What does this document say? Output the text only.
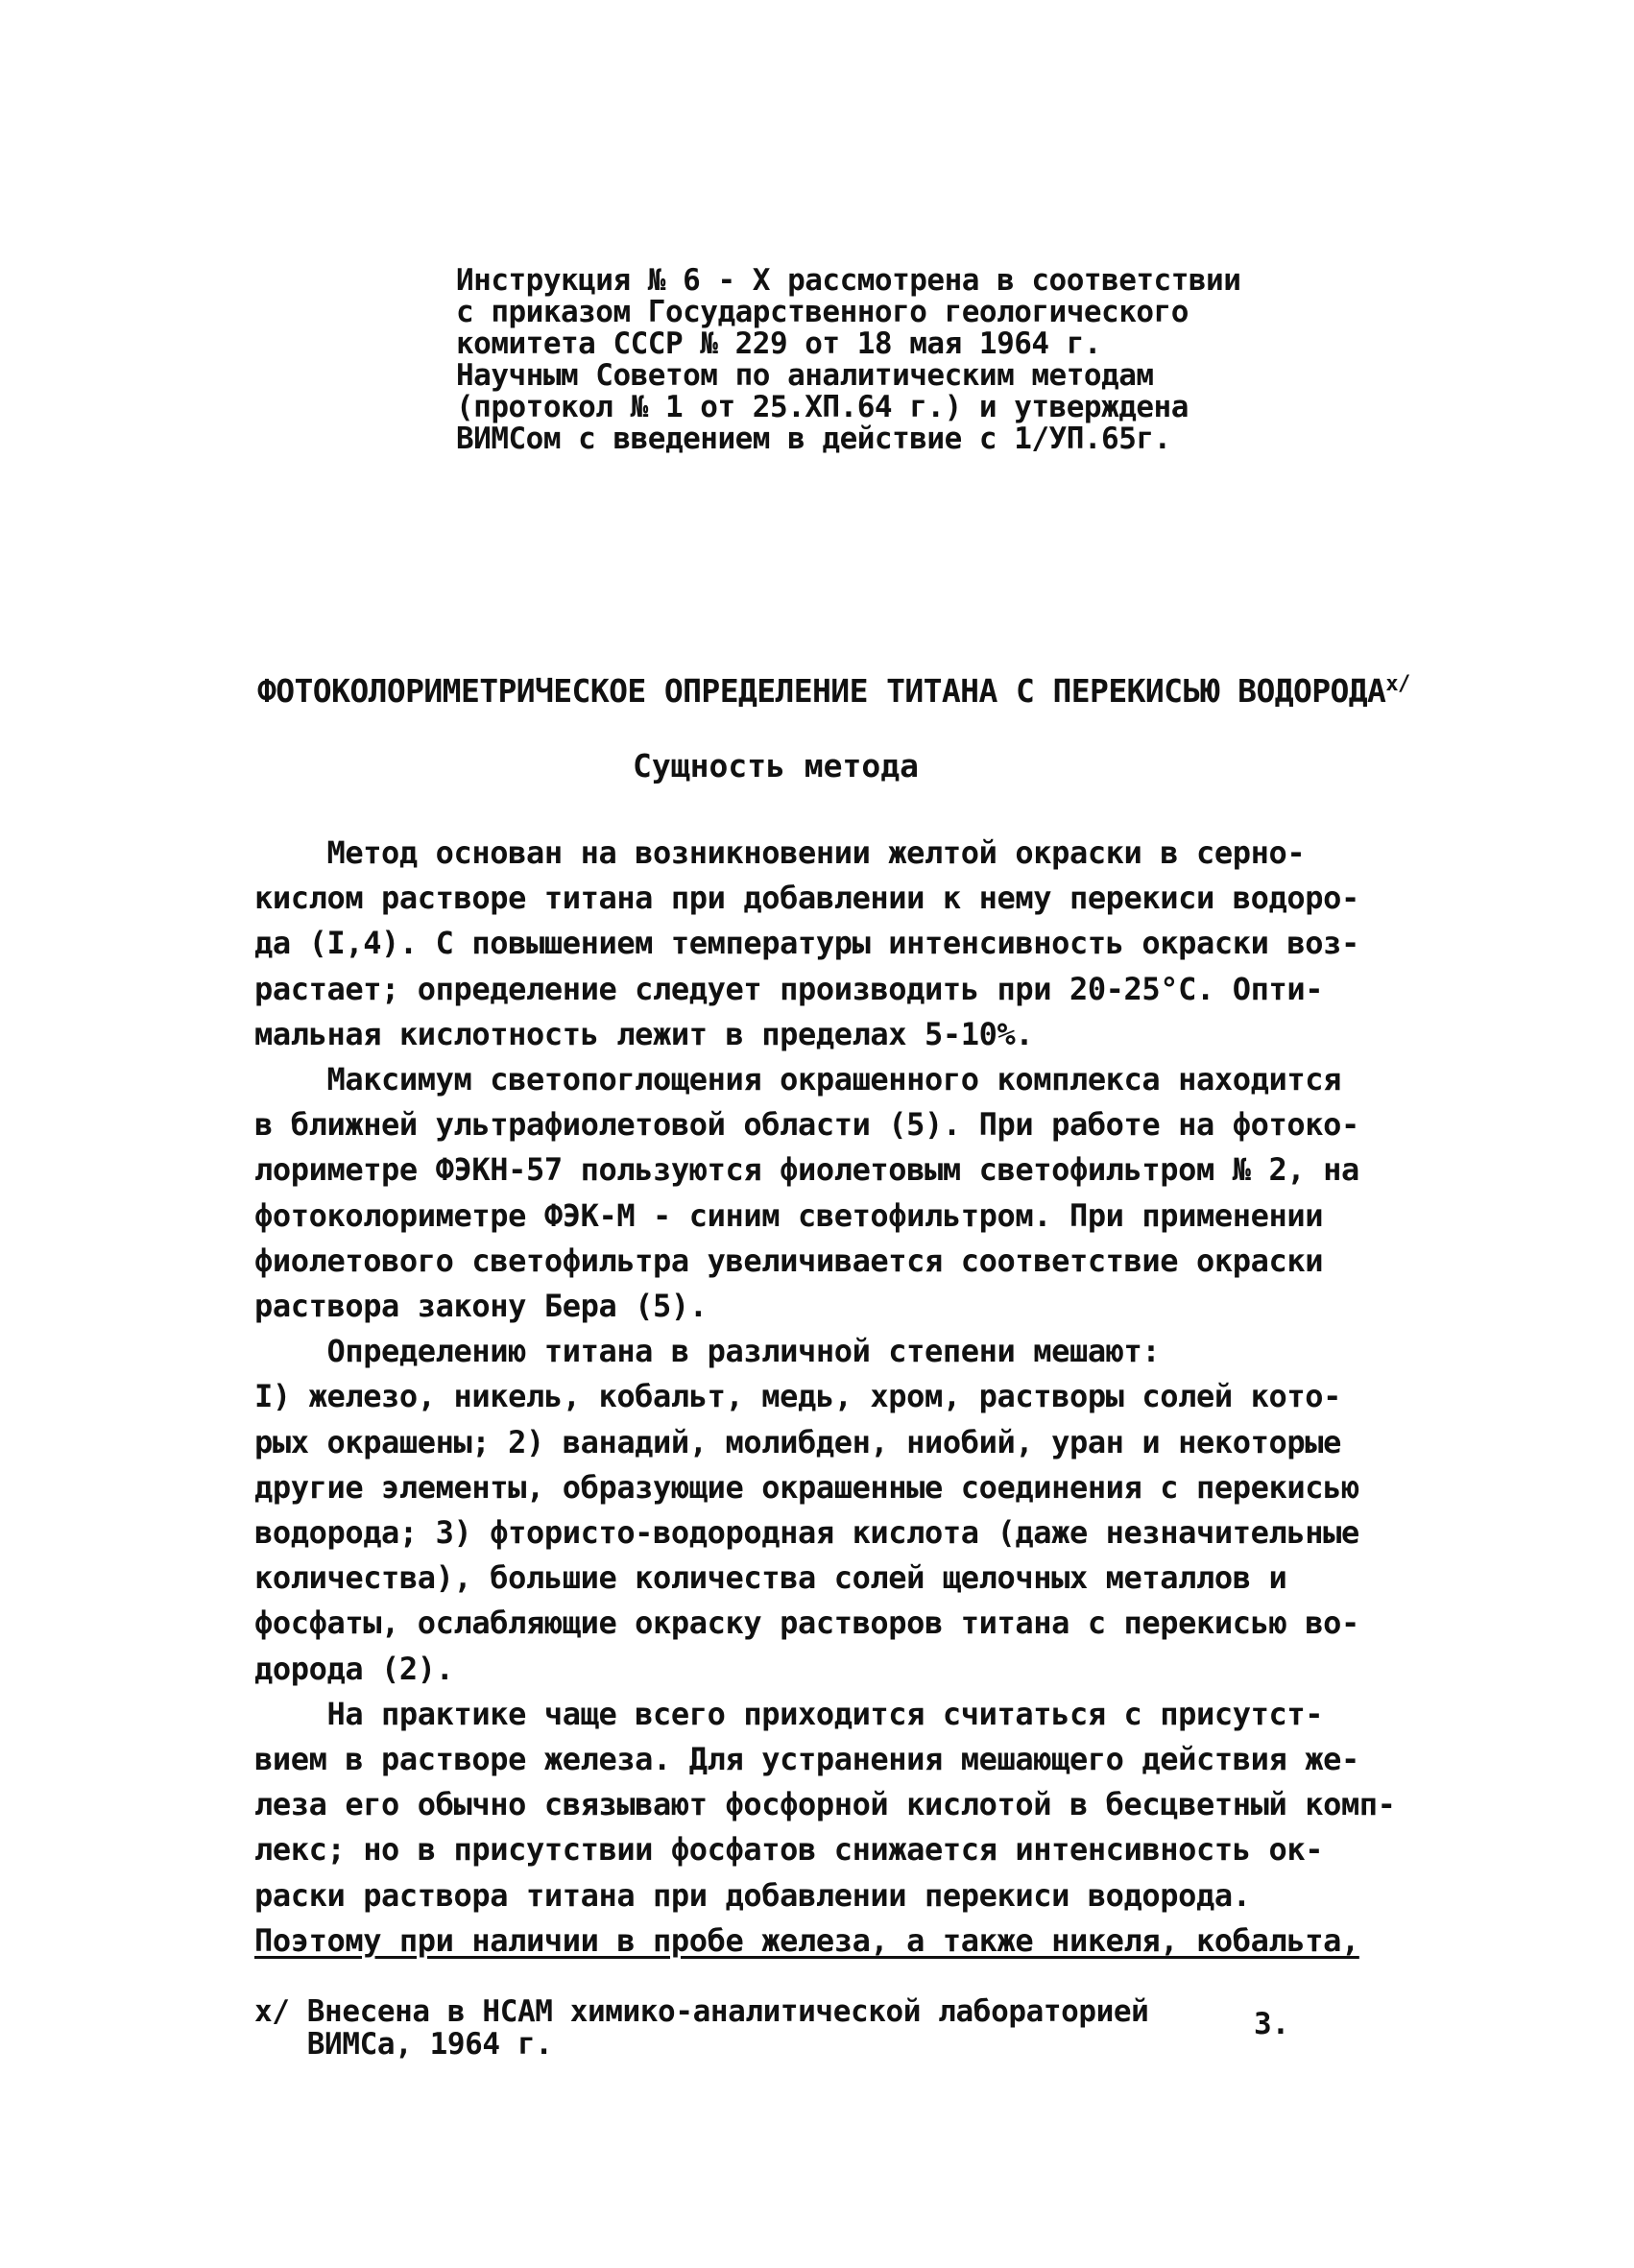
Инструкция № 6 - X рассмотрена в соответствии
с приказом Государственного геологического
комитета СССР № 229 от 18 мая 1964 г.
Научным Советом по аналитическим методам
(протокол № 1 от 25.ХП.64 г.) и утверждена
ВИМСом с введением в действие с 1/УП.65г.
ФОТОКОЛОРИМЕТРИЧЕСКОЕ ОПРЕДЕЛЕНИЕ ТИТАНА С ПЕРЕКИСЬЮ $ВОДОРОДА^{х/}$
Сущность метода
Метод основан на возникновении желтой окраски в серно-
кислом растворе титана при добавлении к нему перекиси водоро-
да (I,4). С повышением температуры интенсивность окраски воз-
растает; определение следует производить при 20-25°С. Опти-
мальная кислотность лежит в пределах 5-10%.
Максимум светопоглощения окрашенного комплекса находится
в ближней ультрафиолетовой области (5). При работе на фотоко-
лориметре ФЭКН-57 пользуются фиолетовым светофильтром № 2, на
фотоколориметре ФЭК-М - синим светофильтром. При применении
фиолетового светофильтра увеличивается соответствие окраски
раствора закону Бера (5).
Определению титана в различной степени мешают:
I) железо, никель, кобальт, медь, хром, растворы солей кото-
рых окрашены; 2) ванадий, молибден, ниобий, уран и некоторые
другие элементы, образующие окрашенные соединения с перекисью
водорода; 3) фтористо-водородная кислота (даже незначительные
количества), большие количества солей щелочных металлов и
фосфаты, ослабляющие окраску растворов титана с перекисью во-
дорода (2).
На практике чаще всего приходится считаться с присутст-
вием в растворе железа. Для устранения мешающего действия же-
леза его обычно связывают фосфорной кислотой в бесцветный комп-
лекс; но в присутствии фосфатов снижается интенсивность ок-
раски раствора титана при добавлении перекиси водорода.
Поэтому при наличии в пробе железа, а также никеля, кобальта,
х/ Внесена в НСАМ химико-аналитической лабораторией
ВИМСа, 1964 г.
3.
